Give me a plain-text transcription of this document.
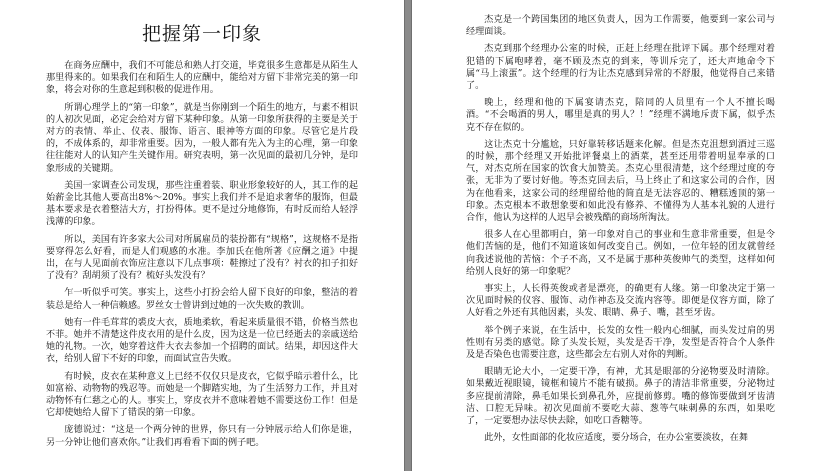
把握第一印象

在商务应酬中，我们不可能总和熟人打交道，毕竟很多生意都是从陌生人那里得来的。如果我们在和陌生人的应酬中，能给对方留下非常完美的第一印象，将会对你的生意起到积极的促进作用。

所谓心理学上的“第一印象”，就是当你刚到一个陌生的地方，与素不相识的人初次见面，必定会给对方留下某种印象。从第一印象所获得的主要是关于对方的表情、举止、仪表、服饰、语言、眼神等方面的印象。尽管它是片段的，不成体系的，却非常重要。因为，一般人都有先入为主的心理，第一印象往往能对人的认知产生关键作用。研究表明，第一次见面的最初几分钟，是印象形成的关键期。

美国一家调查公司发现，那些注重着装、职业形象较好的人，其工作的起始薪金比其他人要高出8%～20%。事实上我们并不是追求奢华的服饰，但最基本要求是衣着整洁大方，打扮得体。更不是过分地修饰，有时反而给人轻浮浅薄的印象。

所以，美国有许多家大公司对所属雇员的装扮都有“规格”，这规格不是指要穿得怎么好看，而是人们观感的水准。李加氏在他所著《应酬之道》中提出，在与人见面前衣饰应注意以下几点事项：鞋擦过了没有？衬衣的扣子扣好了没有？刮胡须了没有？梳好头发没有？

乍一听似乎可笑。事实上，这些小打扮会给人留下良好的印象，整洁的着装总是给人一种信赖感。罗丝女士曾讲到过她的一次失败的教训。

她有一件毛茸茸的裘皮大衣，质地柔软，看起来质量很不错，价格当然也不菲。她并不清楚这件皮衣用的是什么皮，因为这是一位已经逝去的亲戚送给她的礼物。一次，她穿着这件大衣去参加一个招聘的面试。结果，却因这件大衣，给别人留下不好的印象，而面试宣告失败。

有时候，皮衣在某种意义上已经不仅仅只是皮衣，它似乎暗示着什么，比如富裕、动物物的残忍等。而她是一个脚踏实地，为了生活努力工作，并且对动物怀有仁慈之心的人。事实上，穿皮衣并不意味着她不需要这份工作！但是它却使她给人留下了错误的第一印象。

庞德说过：“这是一个两分钟的世界，你只有一分钟展示给人们你是谁，另一分钟让他们喜欢你。”让我们再看看下面的例子吧。

杰克是一个跨国集团的地区负责人，因为工作需要，他要到一家公司与经理面谈。

杰克到那个经理办公室的时候，正赶上经理在批评下属。那个经理对着犯错的下属咆哮着，毫不顾及杰克的到来，等训斥完了，还大声地命令下属“马上滚蛋”。这个经理的行为让杰克感到异常的不舒服，他觉得自己来错了。

晚上，经理和他的下属宴请杰克，陪同的人员里有一个人不擅长喝酒。“不会喝酒的男人，哪里是真的男人？！”经理不满地斥责下属，似乎杰克不存在似的。

这让杰克十分尴尬，只好靠转移话题来化解。但是杰克沮想到酒过三巡的时候，那个经理又开始批评餐桌上的酒菜，甚至还用带着明显奉承的口气，对杰克所在国家的饮食大加赞美。杰克心里很清楚，这个经理过度的夸张，无非为了要讨好他。等杰克回去后，马上终止了和这家公司的合作，因为在他看来，这家公司的经理留给他的简直是无法容忍的、糟糕透顶的第一印象。杰克根本不敢想象要和如此没有修养、不懂得为人基本礼貌的人进行合作，他认为这样的人迟早会被残酷的商场所淘汰。

很多人在心里都明白，第一印象对自己的事业和生意非常重要，但是令他们苦恼的是，他们不知道该如何改变自己。例如，一位年轻的团友就曾经向我述说他的苦恼：个子不高，又不是属于那种英俊帅气的类型，这样如何给别人良好的第一印象呢？

事实上，人长得英俊或者是漂亮，的确更有人缘。第一印象决定于第一次见面时候的仪容、服饰、动作神态及交流内容等。即便是仪容方面，除了人好看之外还有其他因素，头发、眼睛、鼻子、嘴，甚至牙齿。

举个例子来说，在生活中，长发的女性一般内心细腻，而头发过肩的男性则有另类的感觉。除了头发长短，头发是否干净，发型是否符合个人条件及是否染色也需要注意，这些都会左右别人对你的判断。

眼睛无论大小，一定要干净，有神，尤其是眼部的分泌物要及时清除。如果戴近视眼镜，镜框和镜片不能有破损。鼻子的清洁非常重要，分泌物过多应提前清除，鼻毛如果长到鼻孔外，应提前修剪。嘴的修饰要做到牙齿清洁、口腔无异味。初次见面前不要吃大蒜、葱等气味刺鼻的东西，如果吃了，一定要想办法尽快去除，如吃口香糖等。

此外，女性面部的化妆应适度，要分场合，在办公室要淡妆，在舞
